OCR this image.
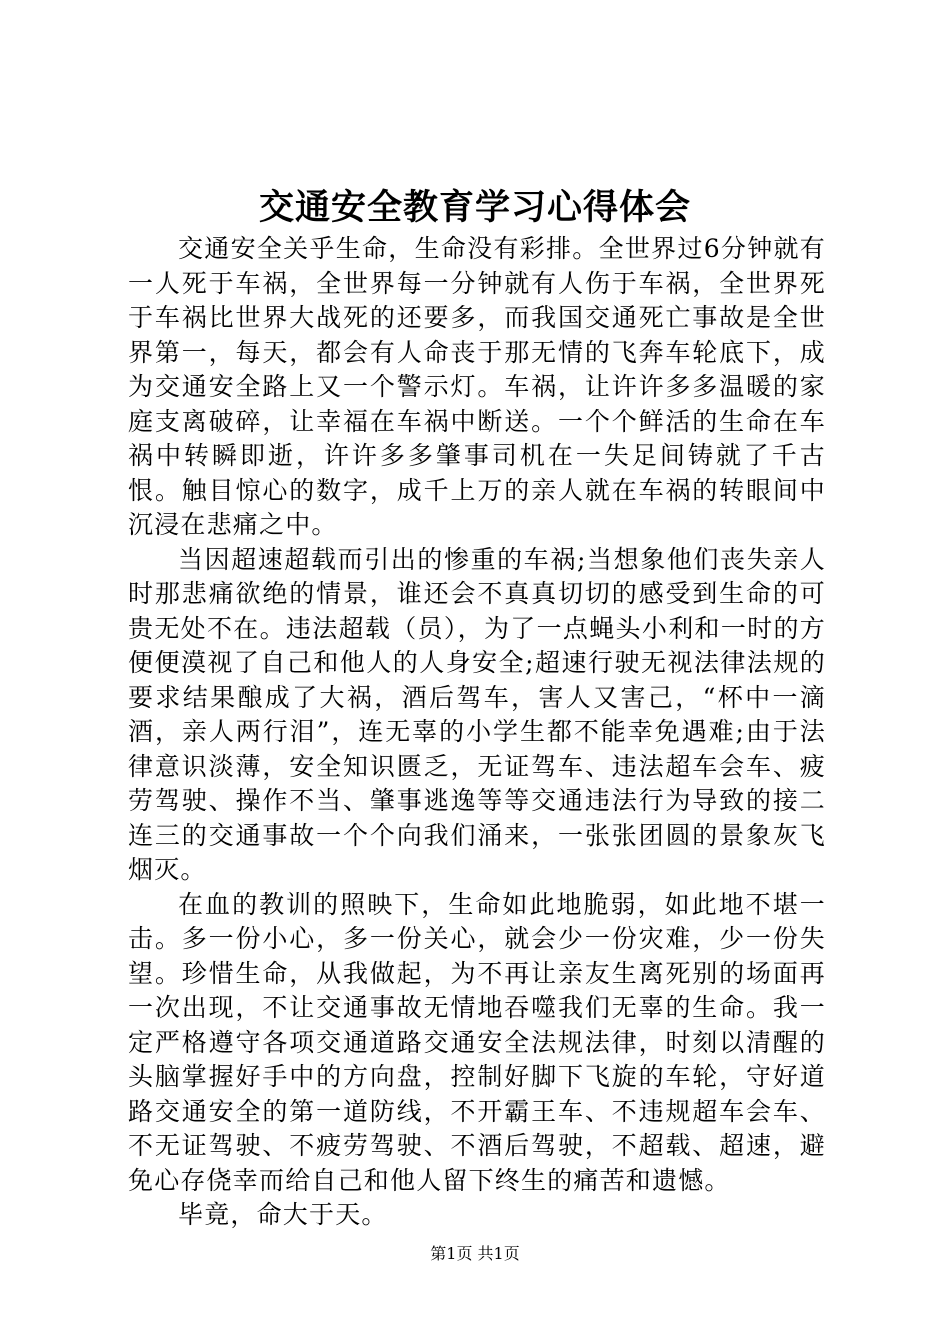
交通安全教育学习心得体会

交通安全关乎生命，生命没有彩排。全世界过6分钟就有一人死于车祸，全世界每一分钟就有人伤于车祸，全世界死于车祸比世界大战死的还要多，而我国交通死亡事故是全世界第一，每天，都会有人命丧于那无情的飞奔车轮底下，成为交通安全路上又一个警示灯。车祸，让许许多多温暖的家庭支离破碎，让幸福在车祸中断送。一个个鲜活的生命在车祸中转瞬即逝，许许多多肇事司机在一失足间铸就了千古恨。触目惊心的数字，成千上万的亲人就在车祸的转眼间中沉浸在悲痛之中。

当因超速超载而引出的惨重的车祸;当想象他们丧失亲人时那悲痛欲绝的情景，谁还会不真真切切的感受到生命的可贵无处不在。违法超载（员），为了一点蝇头小利和一时的方便便漠视了自己和他人的人身安全;超速行驶无视法律法规的要求结果酿成了大祸，酒后驾车，害人又害己，“杯中一滴酒，亲人两行泪”，连无辜的小学生都不能幸免遇难;由于法律意识淡薄，安全知识匮乏，无证驾车、违法超车会车、疲劳驾驶、操作不当、肇事逃逸等等交通违法行为导致的接二连三的交通事故一个个向我们涌来，一张张团圆的景象灰飞烟灭。

在血的教训的照映下，生命如此地脆弱，如此地不堪一击。多一份小心，多一份关心，就会少一份灾难，少一份失望。珍惜生命，从我做起，为不再让亲友生离死别的场面再一次出现，不让交通事故无情地吞噬我们无辜的生命。我一定严格遵守各项交通道路交通安全法规法律，时刻以清醒的头脑掌握好手中的方向盘，控制好脚下飞旋的车轮，守好道路交通安全的第一道防线，不开霸王车、不违规超车会车、不无证驾驶、不疲劳驾驶、不酒后驾驶，不超载、超速，避免心存侥幸而给自己和他人留下终生的痛苦和遗憾。

毕竟，命大于天。

第1页 共1页
